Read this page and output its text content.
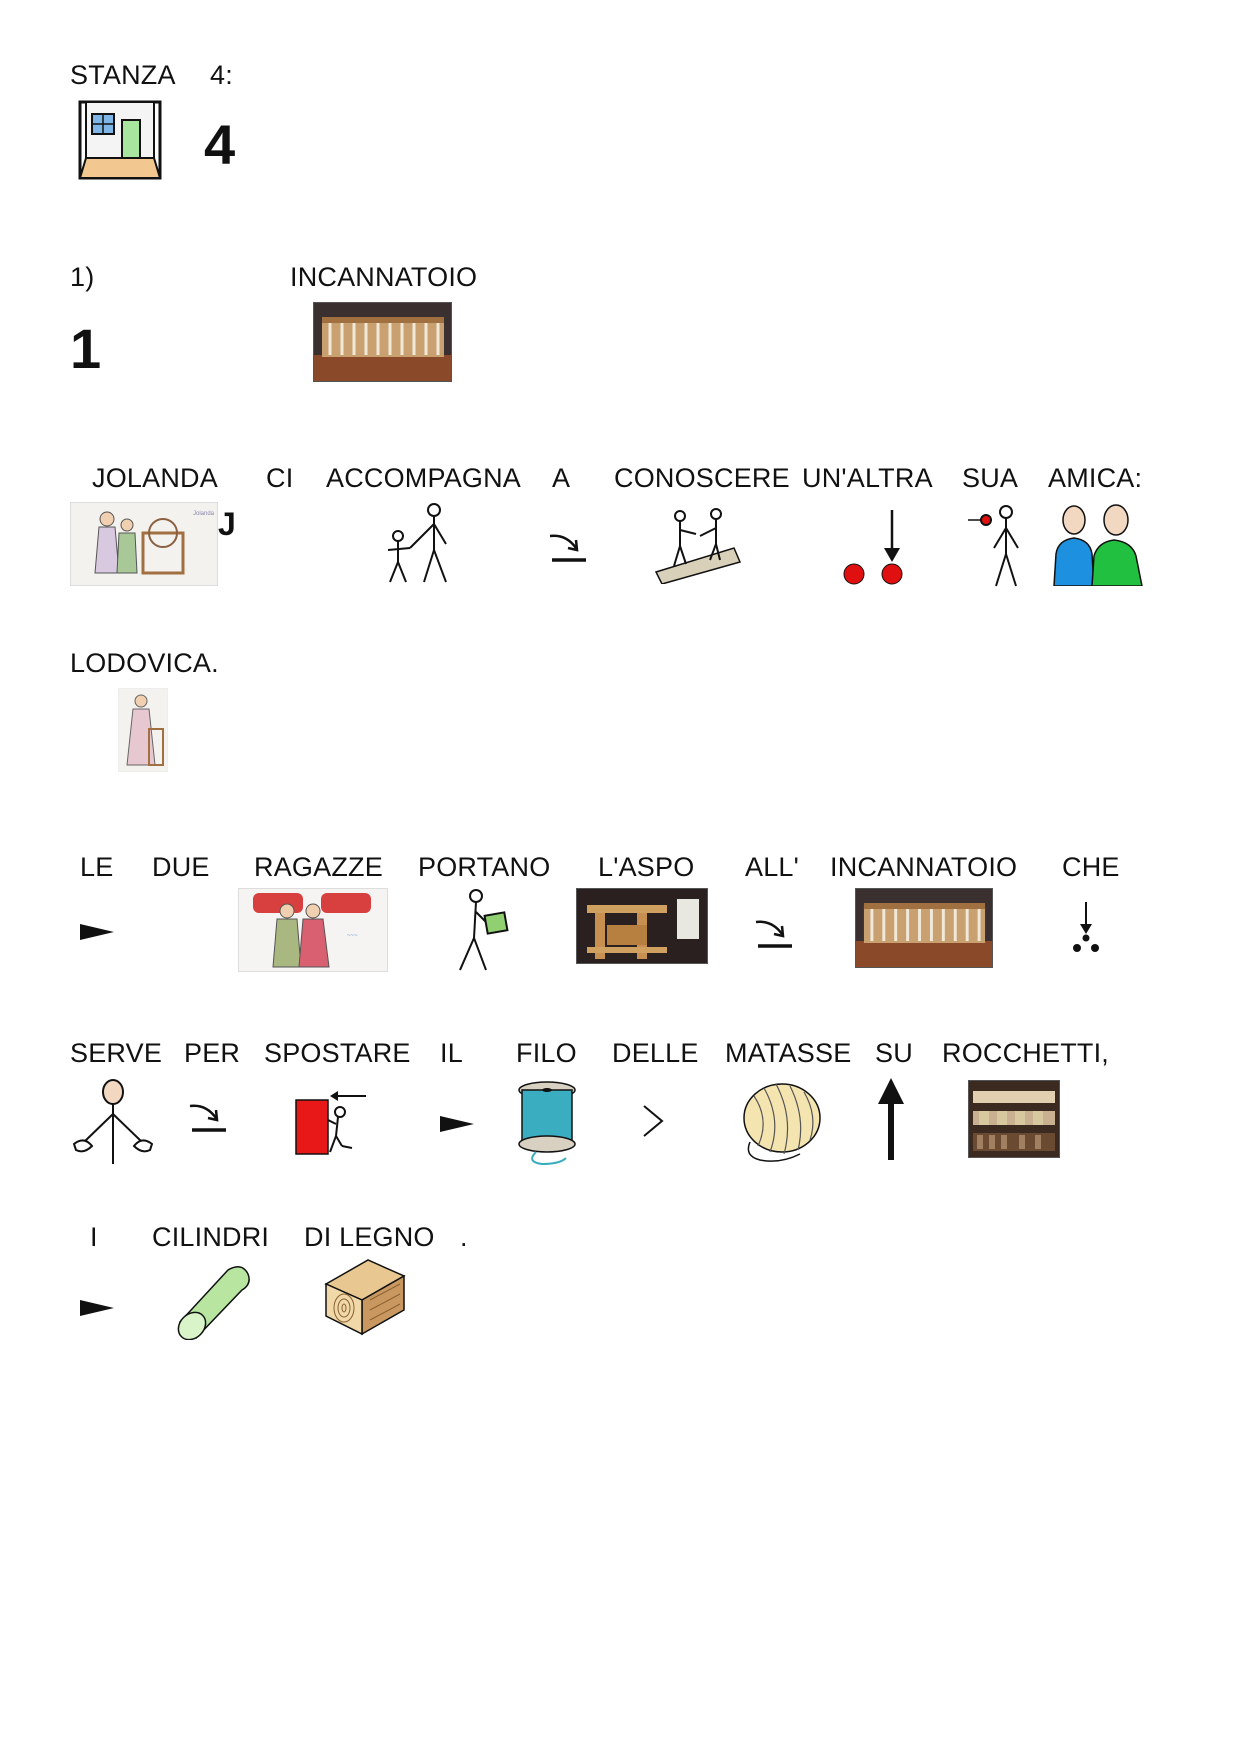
STANZA 4:
4
1)
1
INCANNATOIO
JOLANDA CI ACCOMPAGNA A CONOSCERE UN'ALTRA SUA AMICA:
Jolanda J
LODOVICA.
LE DUE RAGAZZE PORTANO L'ASPO ALL' INCANNATOIO CHE
~~~
SERVE PER SPOSTARE IL FILO DELLE MATASSE SU ROCCHETTI,
I CILINDRI DI LEGNO .
